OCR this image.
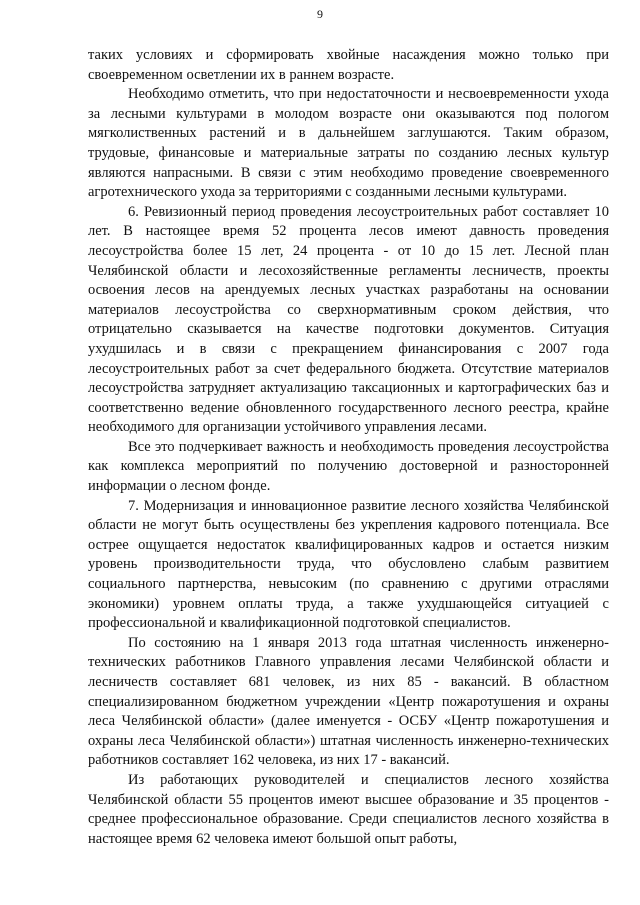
9

таких условиях и сформировать хвойные насаждения можно только при своевременном осветлении их в раннем возрасте.

Необходимо отметить, что при недостаточности и несвоевременности ухода за лесными культурами в молодом возрасте они оказываются под пологом мягколиственных растений и в дальнейшем заглушаются. Таким образом, трудовые, финансовые и материальные затраты по созданию лесных культур являются напрасными. В связи с этим необходимо проведение своевременного агротехнического ухода за территориями с созданными лесными культурами.

6. Ревизионный период проведения лесоустроительных работ составляет 10 лет. В настоящее время 52 процента лесов имеют давность проведения лесоустройства более 15 лет, 24 процента - от 10 до 15 лет. Лесной план Челябинской области и лесохозяйственные регламенты лесничеств, проекты освоения лесов на арендуемых лесных участках разработаны на основании материалов лесоустройства со сверхнормативным сроком действия, что отрицательно сказывается на качестве подготовки документов. Ситуация ухудшилась и в связи с прекращением финансирования с 2007 года лесоустроительных работ за счет федерального бюджета. Отсутствие материалов лесоустройства затрудняет актуализацию таксационных и картографических баз и соответственно ведение обновленного государственного лесного реестра, крайне необходимого для организации устойчивого управления лесами.

Все это подчеркивает важность и необходимость проведения лесоустройства как комплекса мероприятий по получению достоверной и разносторонней информации о лесном фонде.

7. Модернизация и инновационное развитие лесного хозяйства Челябинской области не могут быть осуществлены без укрепления кадрового потенциала. Все острее ощущается недостаток квалифицированных кадров и остается низким уровень производительности труда, что обусловлено слабым развитием социального партнерства, невысоким (по сравнению с другими отраслями экономики) уровнем оплаты труда, а также ухудшающейся ситуацией с профессиональной и квалификационной подготовкой специалистов.

По состоянию на 1 января 2013 года штатная численность инженерно-технических работников Главного управления лесами Челябинской области и лесничеств составляет 681 человек, из них 85 - вакансий. В областном специализированном бюджетном учреждении «Центр пожаротушения и охраны леса Челябинской области» (далее именуется - ОСБУ «Центр пожаротушения и охраны леса Челябинской области») штатная численность инженерно-технических работников составляет 162 человека, из них 17 - вакансий.

Из работающих руководителей и специалистов лесного хозяйства Челябинской области 55 процентов имеют высшее образование и 35 процентов - среднее профессиональное образование. Среди специалистов лесного хозяйства в настоящее время 62 человека имеют большой опыт работы,
